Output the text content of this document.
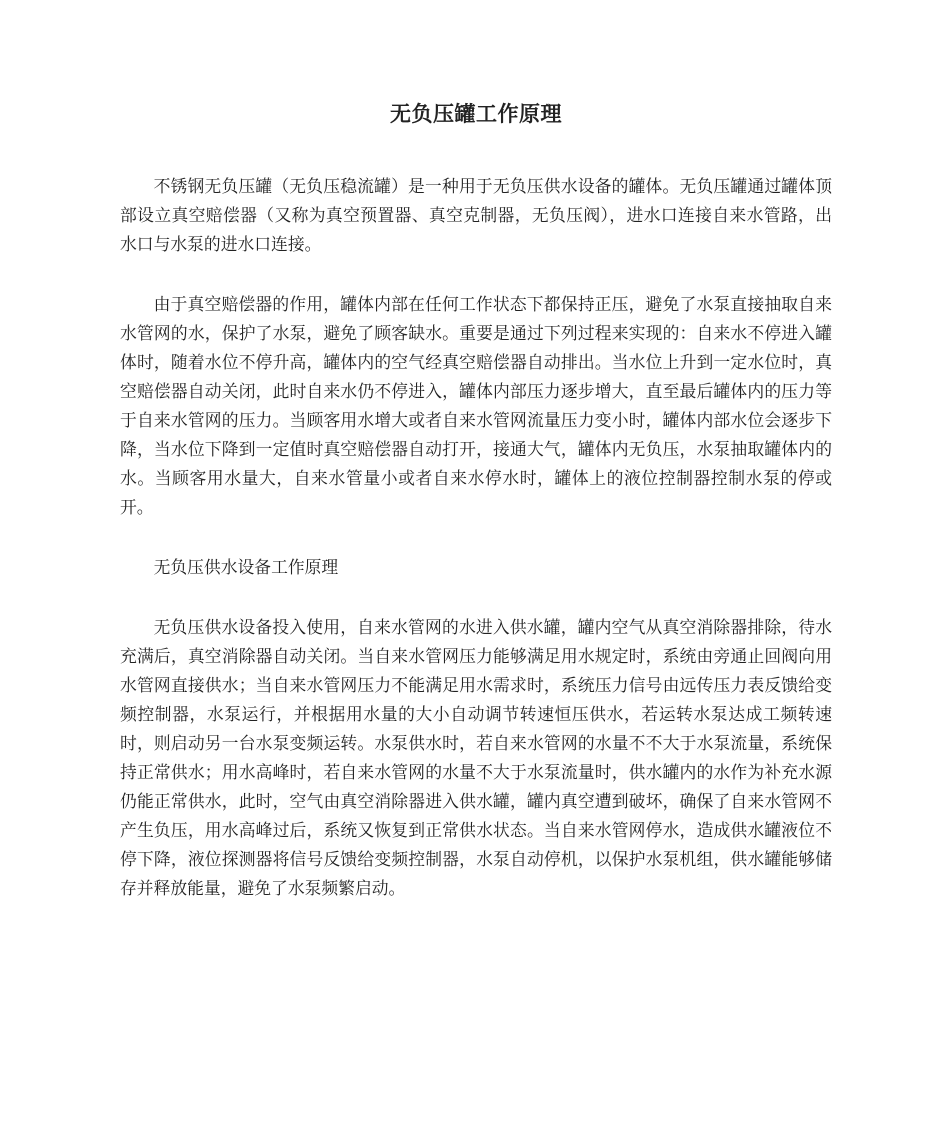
无负压罐工作原理

不锈钢无负压罐（无负压稳流罐）是一种用于无负压供水设备的罐体。无负压罐通过罐体顶部设立真空赔偿器（又称为真空预置器、真空克制器，无负压阀），进水口连接自来水管路，出水口与水泵的进水口连接。

由于真空赔偿器的作用，罐体内部在任何工作状态下都保持正压，避免了水泵直接抽取自来水管网的水，保护了水泵，避免了顾客缺水。重要是通过下列过程来实现的：自来水不停进入罐体时，随着水位不停升高，罐体内的空气经真空赔偿器自动排出。当水位上升到一定水位时，真空赔偿器自动关闭，此时自来水仍不停进入，罐体内部压力逐步增大，直至最后罐体内的压力等于自来水管网的压力。当顾客用水增大或者自来水管网流量压力变小时，罐体内部水位会逐步下降，当水位下降到一定值时真空赔偿器自动打开，接通大气，罐体内无负压，水泵抽取罐体内的水。当顾客用水量大，自来水管量小或者自来水停水时，罐体上的液位控制器控制水泵的停或开。

无负压供水设备工作原理

无负压供水设备投入使用，自来水管网的水进入供水罐，罐内空气从真空消除器排除，待水充满后，真空消除器自动关闭。当自来水管网压力能够满足用水规定时，系统由旁通止回阀向用水管网直接供水；当自来水管网压力不能满足用水需求时，系统压力信号由远传压力表反馈给变频控制器，水泵运行，并根据用水量的大小自动调节转速恒压供水，若运转水泵达成工频转速时，则启动另一台水泵变频运转。水泵供水时，若自来水管网的水量不不大于水泵流量，系统保持正常供水；用水高峰时，若自来水管网的水量不大于水泵流量时，供水罐内的水作为补充水源仍能正常供水，此时，空气由真空消除器进入供水罐，罐内真空遭到破坏，确保了自来水管网不产生负压，用水高峰过后，系统又恢复到正常供水状态。当自来水管网停水，造成供水罐液位不停下降，液位探测器将信号反馈给变频控制器，水泵自动停机，以保护水泵机组，供水罐能够储存并释放能量，避免了水泵频繁启动。
